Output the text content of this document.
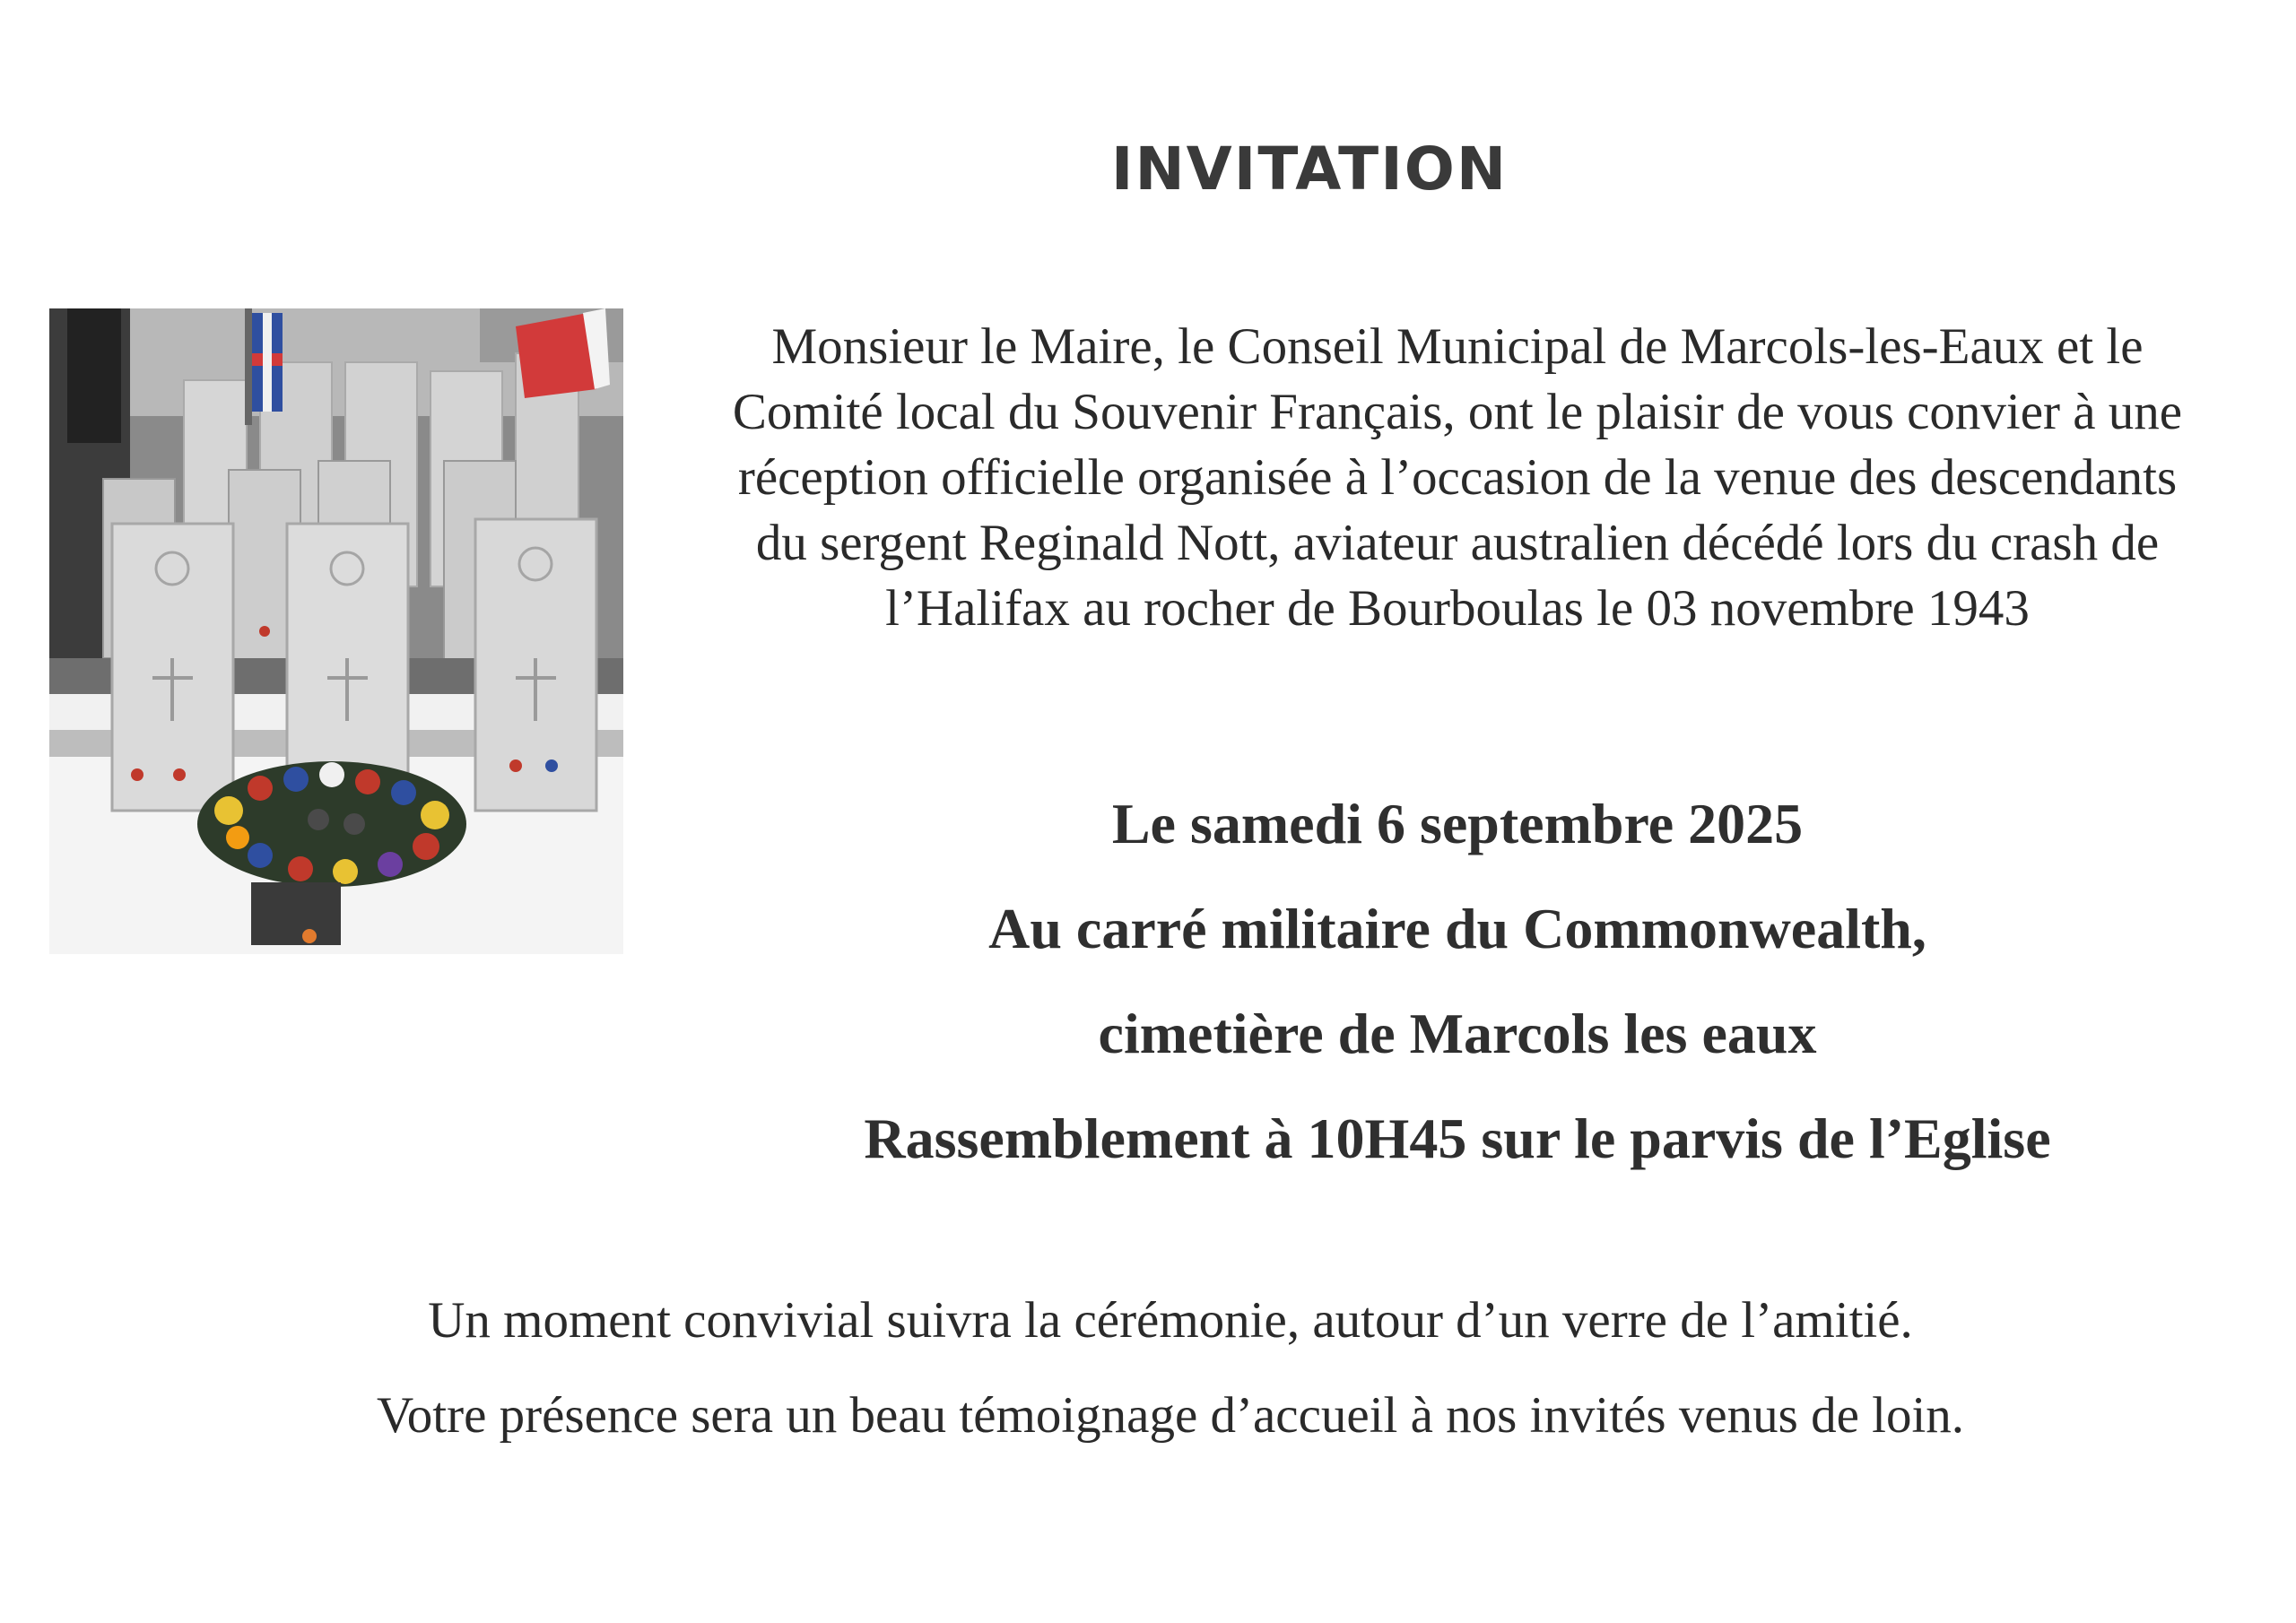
INVITATION

Monsieur le Maire, le Conseil Municipal de Marcols-les-Eaux et le
Comité local du Souvenir Français, ont le plaisir de vous convier à une
réception officielle organisée à l’occasion de la venue des descendants
du sergent Reginald Nott, aviateur australien décédé lors du crash de
l’Halifax au rocher de Bourboulas le 03 novembre 1943

Le samedi 6 septembre 2025
Au carré militaire du Commonwealth,
cimetière de Marcols les eaux
Rassemblement à 10H45 sur le parvis de l’Eglise
Un moment convivial suivra la cérémonie, autour d’un verre de l’amitié.
Votre présence sera un beau témoignage d’accueil à nos invités venus de loin.
